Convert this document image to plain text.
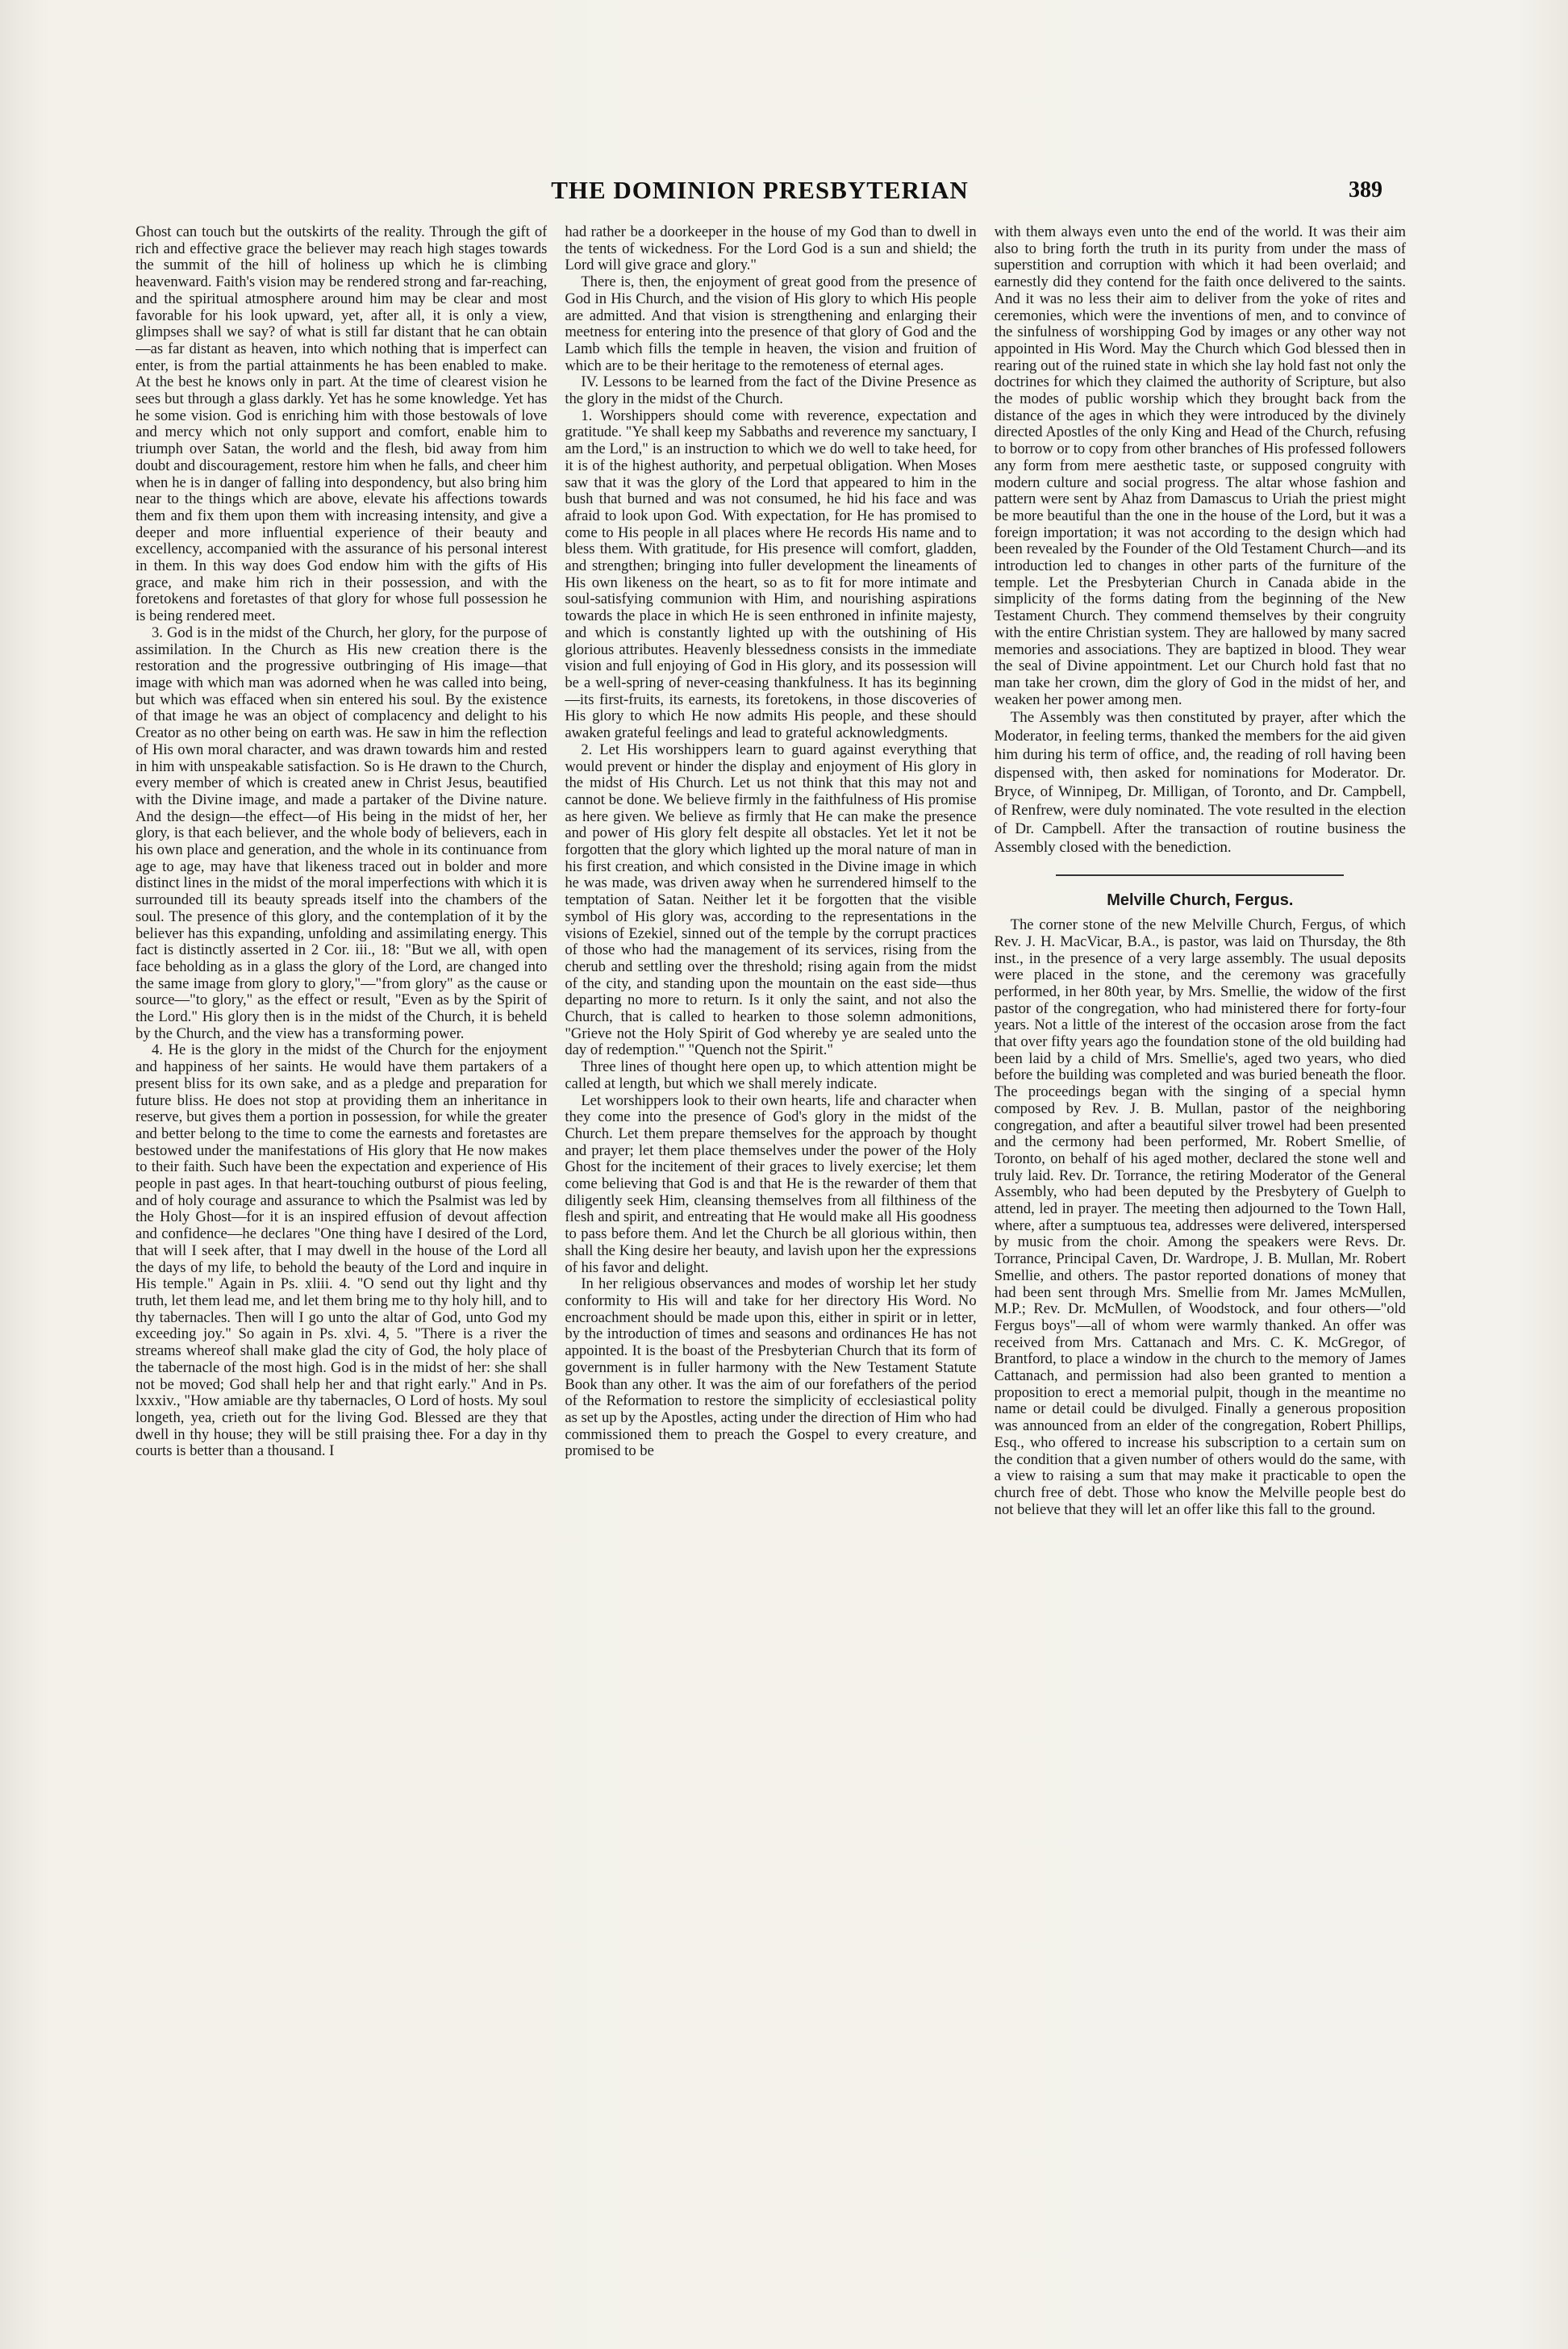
THE DOMINION PRESBYTERIAN	389

Ghost can touch but the outskirts of the reality. Through the gift of rich and effective grace the believer may reach high stages towards the summit of the hill of holiness up which he is climbing heavenward. Faith's vision may be rendered strong and far-reaching, and the spiritual atmosphere around him may be clear and most favorable for his look upward, yet, after all, it is only a view, glimpses shall we say? of what is still far distant that he can obtain—as far distant as heaven, into which nothing that is imperfect can enter, is from the partial attainments he has been enabled to make. At the best he knows only in part. At the time of clearest vision he sees but through a glass darkly. Yet has he some knowledge. Yet has he some vision. God is enriching him with those bestowals of love and mercy which not only support and comfort, enable him to triumph over Satan, the world and the flesh, bid away from him doubt and discouragement, restore him when he falls, and cheer him when he is in danger of falling into despondency, but also bring him near to the things which are above, elevate his affections towards them and fix them upon them with increasing intensity, and give a deeper and more influential experience of their beauty and excellency, accompanied with the assurance of his personal interest in them. In this way does God endow him with the gifts of His grace, and make him rich in their possession, and with the foretokens and foretastes of that glory for whose full possession he is being rendered meet.

3. God is in the midst of the Church, her glory, for the purpose of assimilation. In the Church as His new creation there is the restoration and the progressive outbringing of His image—that image with which man was adorned when he was called into being, but which was effaced when sin entered his soul. By the existence of that image he was an object of complacency and delight to his Creator as no other being on earth was. He saw in him the reflection of His own moral character, and was drawn towards him and rested in him with unspeakable satisfaction. So is He drawn to the Church, every member of which is created anew in Christ Jesus, beautified with the Divine image, and made a partaker of the Divine nature. And the design—the effect—of His being in the midst of her, her glory, is that each believer, and the whole body of believers, each in his own place and generation, and the whole in its continuance from age to age, may have that likeness traced out in bolder and more distinct lines in the midst of the moral imperfections with which it is surrounded till its beauty spreads itself into the chambers of the soul. The presence of this glory, and the contemplation of it by the believer has this expanding, unfolding and assimilating energy. This fact is distinctly asserted in 2 Cor. iii., 18: "But we all, with open face beholding as in a glass the glory of the Lord, are changed into the same image from glory to glory,"—"from glory" as the cause or source—"to glory," as the effect or result, "Even as by the Spirit of the Lord." His glory then is in the midst of the Church, it is beheld by the Church, and the view has a transforming power.

4. He is the glory in the midst of the Church for the enjoyment and happiness of her saints. He would have them partakers of a present bliss for its own sake, and as a pledge and preparation for future bliss. He does not stop at providing them an inheritance in reserve, but gives them a portion in possession, for while the greater and better belong to the time to come the earnests and foretastes are bestowed under the manifestations of His glory that He now makes to their faith. Such have been the expectation and experience of His people in past ages. In that heart-touching outburst of pious feeling, and of holy courage and assurance to which the Psalmist was led by the Holy Ghost—for it is an inspired effusion of devout affection and confidence—he declares "One thing have I desired of the Lord, that will I seek after, that I may dwell in the house of the Lord all the days of my life, to behold the beauty of the Lord and inquire in His temple." Again in Ps. xliii. 4. "O send out thy light and thy truth, let them lead me, and let them bring me to thy holy hill, and to thy tabernacles. Then will I go unto the altar of God, unto God my exceeding joy." So again in Ps. xlvi. 4, 5. "There is a river the streams whereof shall make glad the city of God, the holy place of the tabernacle of the most high. God is in the midst of her: she shall not be moved; God shall help her and that right early." And in Ps. lxxxiv., "How amiable are thy tabernacles, O Lord of hosts. My soul longeth, yea, crieth out for the living God. Blessed are they that dwell in thy house; they will be still praising thee. For a day in thy courts is better than a thousand. I

had rather be a doorkeeper in the house of my God than to dwell in the tents of wickedness. For the Lord God is a sun and shield; the Lord will give grace and glory."

There is, then, the enjoyment of great good from the presence of God in His Church, and the vision of His glory to which His people are admitted. And that vision is strengthening and enlarging their meetness for entering into the presence of that glory of God and the Lamb which fills the temple in heaven, the vision and fruition of which are to be their heritage to the remoteness of eternal ages.

IV. Lessons to be learned from the fact of the Divine Presence as the glory in the midst of the Church.

1. Worshippers should come with reverence, expectation and gratitude. "Ye shall keep my Sabbaths and reverence my sanctuary, I am the Lord," is an instruction to which we do well to take heed, for it is of the highest authority, and perpetual obligation. When Moses saw that it was the glory of the Lord that appeared to him in the bush that burned and was not consumed, he hid his face and was afraid to look upon God. With expectation, for He has promised to come to His people in all places where He records His name and to bless them. With gratitude, for His presence will comfort, gladden, and strengthen; bringing into fuller development the lineaments of His own likeness on the heart, so as to fit for more intimate and soul-satisfying communion with Him, and nourishing aspirations towards the place in which He is seen enthroned in infinite majesty, and which is constantly lighted up with the outshining of His glorious attributes. Heavenly blessedness consists in the immediate vision and full enjoying of God in His glory, and its possession will be a well-spring of never-ceasing thankfulness. It has its beginning—its first-fruits, its earnests, its foretokens, in those discoveries of His glory to which He now admits His people, and these should awaken grateful feelings and lead to grateful acknowledgments.

2. Let His worshippers learn to guard against everything that would prevent or hinder the display and enjoyment of His glory in the midst of His Church. Let us not think that this may not and cannot be done. We believe firmly in the faithfulness of His promise as here given. We believe as firmly that He can make the presence and power of His glory felt despite all obstacles. Yet let it not be forgotten that the glory which lighted up the moral nature of man in his first creation, and which consisted in the Divine image in which he was made, was driven away when he surrendered himself to the temptation of Satan. Neither let it be forgotten that the visible symbol of His glory was, according to the representations in the visions of Ezekiel, sinned out of the temple by the corrupt practices of those who had the management of its services, rising from the cherub and settling over the threshold; rising again from the midst of the city, and standing upon the mountain on the east side—thus departing no more to return. Is it only the saint, and not also the Church, that is called to hearken to those solemn admonitions, "Grieve not the Holy Spirit of God whereby ye are sealed unto the day of redemption." "Quench not the Spirit."

Three lines of thought here open up, to which attention might be called at length, but which we shall merely indicate.

Let worshippers look to their own hearts, life and character when they come into the presence of God's glory in the midst of the Church. Let them prepare themselves for the approach by thought and prayer; let them place themselves under the power of the Holy Ghost for the incitement of their graces to lively exercise; let them come believing that God is and that He is the rewarder of them that diligently seek Him, cleansing themselves from all filthiness of the flesh and spirit, and entreating that He would make all His goodness to pass before them. And let the Church be all glorious within, then shall the King desire her beauty, and lavish upon her the expressions of his favor and delight.

In her religious observances and modes of worship let her study conformity to His will and take for her directory His Word. No encroachment should be made upon this, either in spirit or in letter, by the introduction of times and seasons and ordinances He has not appointed. It is the boast of the Presbyterian Church that its form of government is in fuller harmony with the New Testament Statute Book than any other. It was the aim of our forefathers of the period of the Reformation to restore the simplicity of ecclesiastical polity as set up by the Apostles, acting under the direction of Him who had commissioned them to preach the Gospel to every creature, and promised to be

with them always even unto the end of the world. It was their aim also to bring forth the truth in its purity from under the mass of superstition and corruption with which it had been overlaid; and earnestly did they contend for the faith once delivered to the saints. And it was no less their aim to deliver from the yoke of rites and ceremonies, which were the inventions of men, and to convince of the sinfulness of worshipping God by images or any other way not appointed in His Word. May the Church which God blessed then in rearing out of the ruined state in which she lay hold fast not only the doctrines for which they claimed the authority of Scripture, but also the modes of public worship which they brought back from the distance of the ages in which they were introduced by the divinely directed Apostles of the only King and Head of the Church, refusing to borrow or to copy from other branches of His professed followers any form from mere aesthetic taste, or supposed congruity with modern culture and social progress. The altar whose fashion and pattern were sent by Ahaz from Damascus to Uriah the priest might be more beautiful than the one in the house of the Lord, but it was a foreign importation; it was not according to the design which had been revealed by the Founder of the Old Testament Church—and its introduction led to changes in other parts of the furniture of the temple. Let the Presbyterian Church in Canada abide in the simplicity of the forms dating from the beginning of the New Testament Church. They commend themselves by their congruity with the entire Christian system. They are hallowed by many sacred memories and associations. They are baptized in blood. They wear the seal of Divine appointment. Let our Church hold fast that no man take her crown, dim the glory of God in the midst of her, and weaken her power among men.

The Assembly was then constituted by prayer, after which the Moderator, in feeling terms, thanked the members for the aid given him during his term of office, and, the reading of roll having been dispensed with, then asked for nominations for Moderator. Dr. Bryce, of Winnipeg, Dr. Milligan, of Toronto, and Dr. Campbell, of Renfrew, were duly nominated. The vote resulted in the election of Dr. Campbell. After the transaction of routine business the Assembly closed with the benediction.

Melville Church, Fergus.

The corner stone of the new Melville Church, Fergus, of which Rev. J. H. MacVicar, B.A., is pastor, was laid on Thursday, the 8th inst., in the presence of a very large assembly. The usual deposits were placed in the stone, and the ceremony was gracefully performed, in her 80th year, by Mrs. Smellie, the widow of the first pastor of the congregation, who had ministered there for forty-four years. Not a little of the interest of the occasion arose from the fact that over fifty years ago the foundation stone of the old building had been laid by a child of Mrs. Smellie's, aged two years, who died before the building was completed and was buried beneath the floor. The proceedings began with the singing of a special hymn composed by Rev. J. B. Mullan, pastor of the neighboring congregation, and after a beautiful silver trowel had been presented and the cermony had been performed, Mr. Robert Smellie, of Toronto, on behalf of his aged mother, declared the stone well and truly laid. Rev. Dr. Torrance, the retiring Moderator of the General Assembly, who had been deputed by the Presbytery of Guelph to attend, led in prayer. The meeting then adjourned to the Town Hall, where, after a sumptuous tea, addresses were delivered, interspersed by music from the choir. Among the speakers were Revs. Dr. Torrance, Principal Caven, Dr. Wardrope, J. B. Mullan, Mr. Robert Smellie, and others. The pastor reported donations of money that had been sent through Mrs. Smellie from Mr. James McMullen, M.P.; Rev. Dr. McMullen, of Woodstock, and four others—"old Fergus boys"—all of whom were warmly thanked. An offer was received from Mrs. Cattanach and Mrs. C. K. McGregor, of Brantford, to place a window in the church to the memory of James Cattanach, and permission had also been granted to mention a proposition to erect a memorial pulpit, though in the meantime no name or detail could be divulged. Finally a generous proposition was announced from an elder of the congregation, Robert Phillips, Esq., who offered to increase his subscription to a certain sum on the condition that a given number of others would do the same, with a view to raising a sum that may make it practicable to open the church free of debt. Those who know the Melville people best do not believe that they will let an offer like this fall to the ground.
